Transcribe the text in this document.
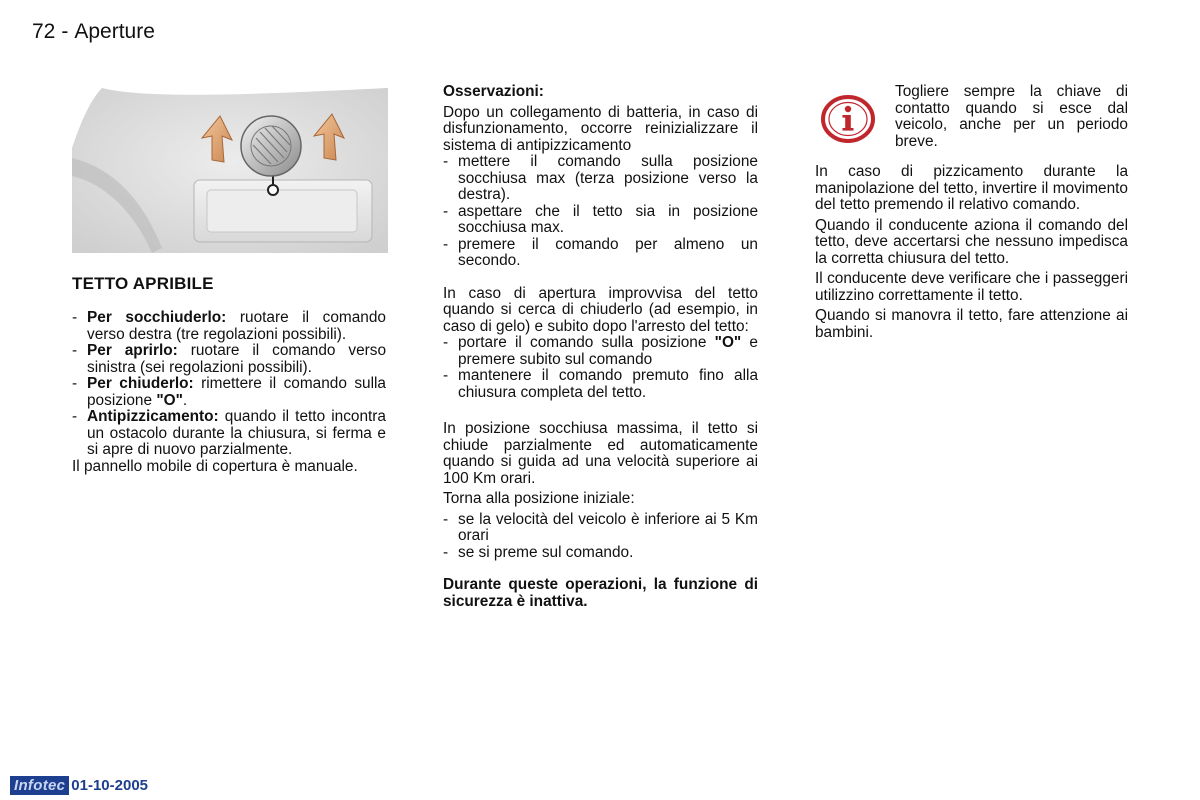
72 - Aperture
TETTO APRIBILE
- Per socchiuderlo: ruotare il comando verso destra (tre regolazioni possibili).
- Per aprirlo: ruotare il comando verso sinistra (sei regolazioni possibili).
- Per chiuderlo: rimettere il comando sulla posizione "O".
- Antipizzicamento: quando il tetto incontra un ostacolo durante la chiusura, si ferma e si apre di nuovo parzialmente.

Il pannello mobile di copertura è manuale.

Osservazioni:

Dopo un collegamento di batteria, in caso di disfunzionamento, occorre reinizializzare il sistema di antipizzicamento

- mettere il comando sulla posizione socchiusa max (terza posizione verso la destra).
- aspettare che il tetto sia in posizione socchiusa max.
- premere il comando per almeno un secondo.

In caso di apertura improvvisa del tetto quando si cerca di chiuderlo (ad esempio, in caso di gelo) e subito dopo l'arresto del tetto:

- portare il comando sulla posizione "O" e premere subito sul comando
- mantenere il comando premuto fino alla chiusura completa del tetto.

In posizione socchiusa massima, il tetto si chiude parzialmente ed automaticamente quando si guida ad una velocità superiore ai 100 Km orari.

Torna alla posizione iniziale:

- se la velocità del veicolo è inferiore ai 5 Km orari
- se si preme sul comando.

Durante queste operazioni, la funzione di sicurezza è inattiva.

Togliere sempre la chiave di contatto quando si esce dal veicolo, anche per un periodo breve.

In caso di pizzicamento durante la manipolazione del tetto, invertire il movimento del tetto premendo il relativo comando.

Quando il conducente aziona il comando del tetto, deve accertarsi che nessuno impedisca la corretta chiusura del tetto.

Il conducente deve verificare che i passeggeri utilizzino correttamente il tetto.

Quando si manovra il tetto, fare attenzione ai bambini.

Infotec 01-10-2005
